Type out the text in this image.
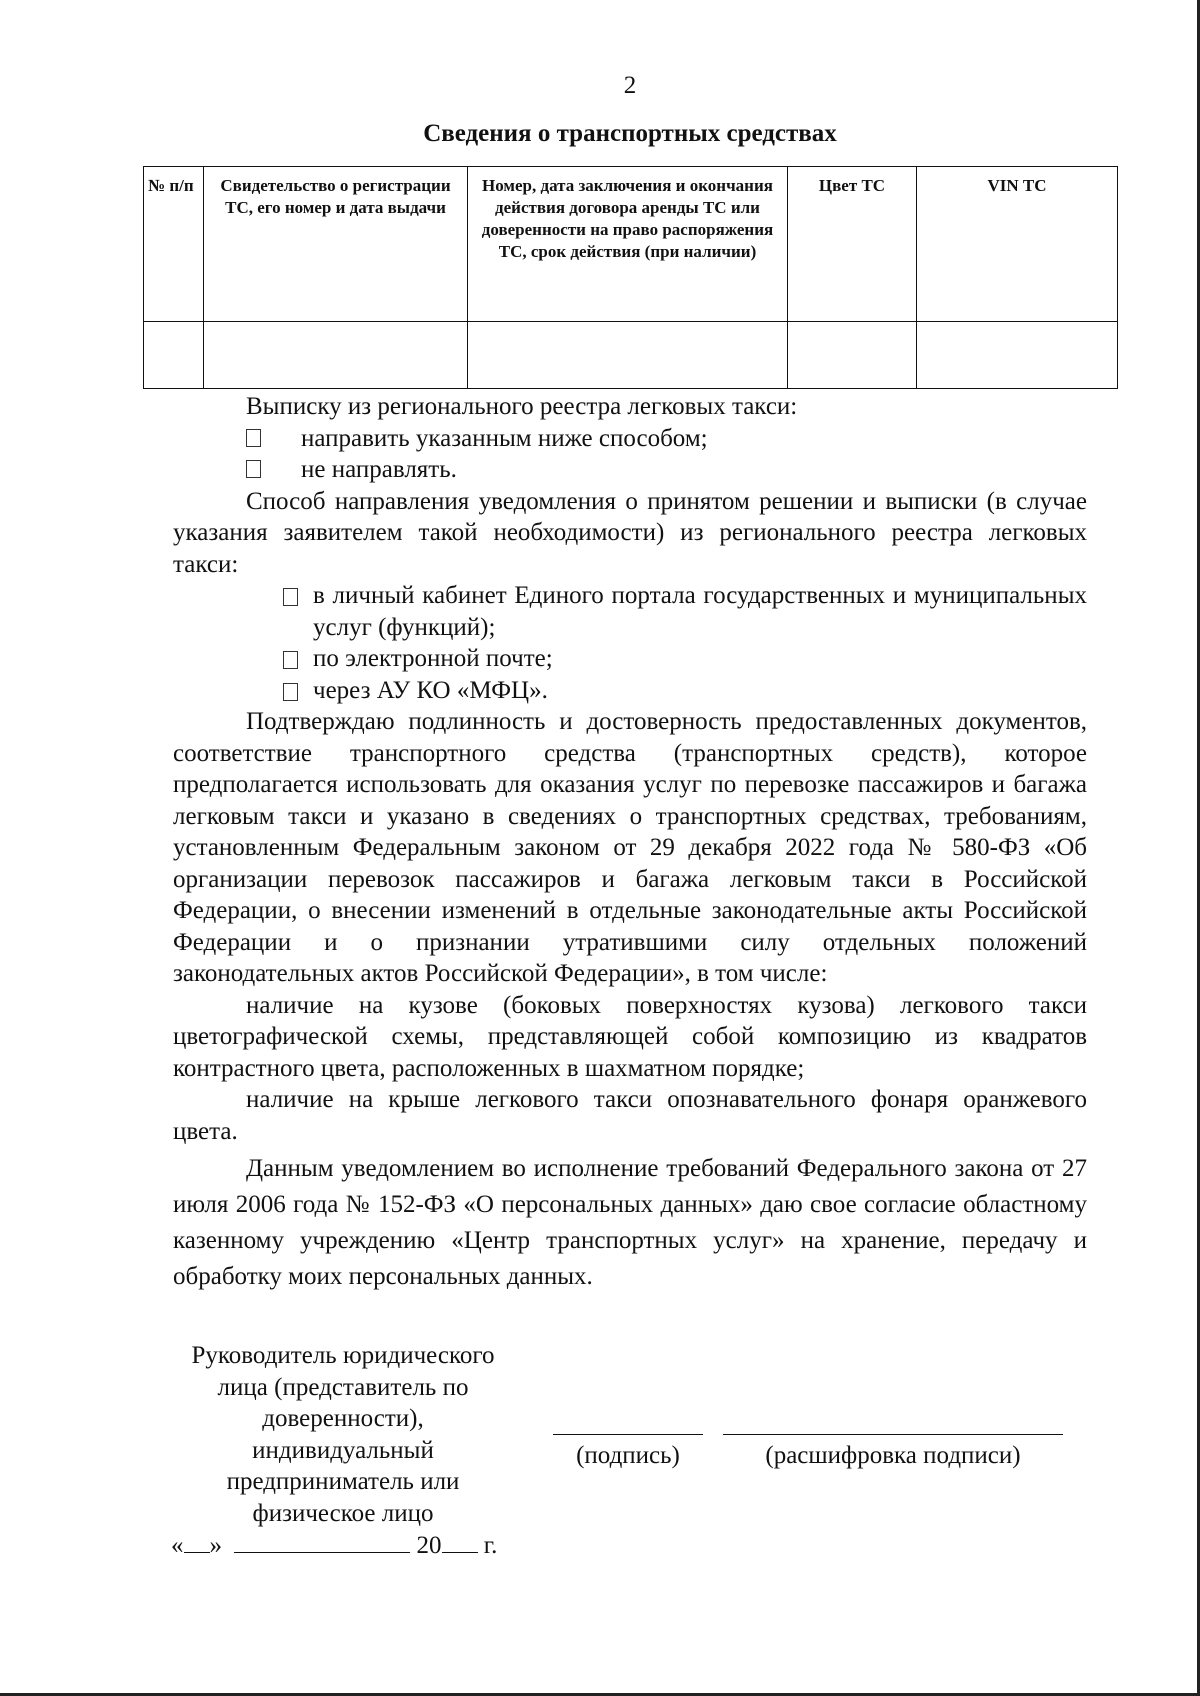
2
Сведения о транспортных средствах
№ п/п	Свидетельство о регистрации ТС, его номер и дата выдачи	Номер, дата заключения и окончания действия договора аренды ТС или доверенности на право распоряжения ТС, срок действия (при наличии)	Цвет ТС	VIN ТС

Выписку из регионального реестра легковых такси:

направить указанным ниже способом;

не направлять.

Способ направления уведомления о принятом решении и выписки (в случае указания заявителем такой необходимости) из регионального реестра легковых такси:

в личный кабинет Единого портала государственных и муниципальных услуг (функций);
по электронной почте;
через АУ КО «МФЦ».

Подтверждаю подлинность и достоверность предоставленных документов, соответствие транспортного средства (транспортных средств), которое предполагается использовать для оказания услуг по перевозке пассажиров и багажа легковым такси и указано в сведениях о транспортных средствах, требованиям, установленным Федеральным законом от 29 декабря 2022 года № 580-ФЗ «Об организации перевозок пассажиров и багажа легковым такси в Российской Федерации, о внесении изменений в отдельные законодательные акты Российской Федерации и о признании утратившими силу отдельных положений законодательных актов Российской Федерации», в том числе:

наличие на кузове (боковых поверхностях кузова) легкового такси цветографической схемы, представляющей собой композицию из квадратов контрастного цвета, расположенных в шахматном порядке;

наличие на крыше легкового такси опознавательного фонаря оранжевого цвета.

Данным уведомлением во исполнение требований Федерального закона от 27 июля 2006 года № 152-ФЗ «О персональных данных» даю свое согласие областному казенному учреждению «Центр транспортных услуг» на хранение, передачу и обработку моих персональных данных.

Руководитель юридического лица (представитель по доверенности), индивидуальный предприниматель или физическое лицо
(подпись)	(расшифровка подписи)
« »	20 г.
